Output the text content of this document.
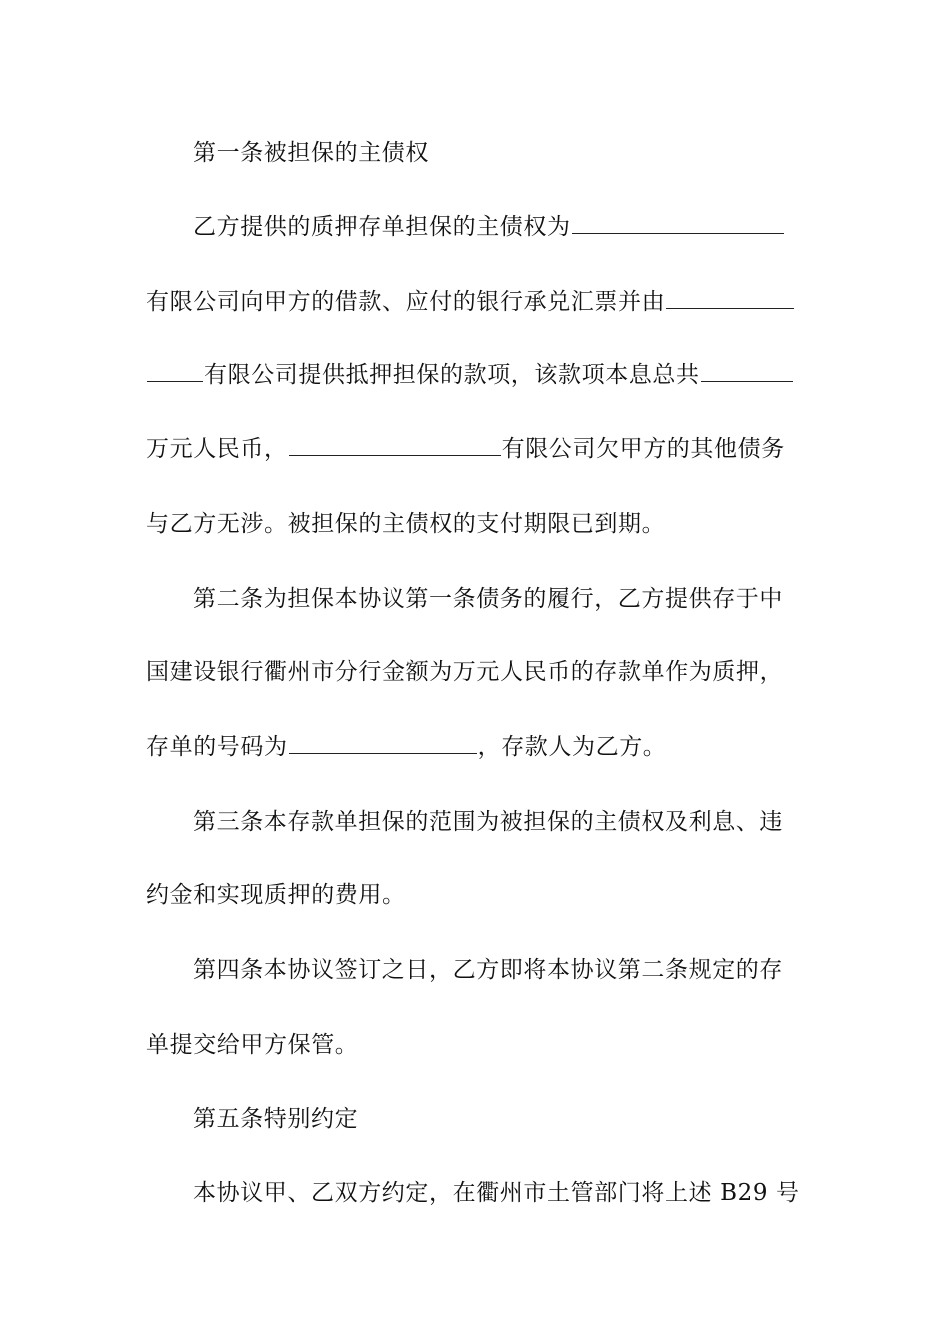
第一条被担保的主债权
乙方提供的质押存单担保的主债权为
有限公司向甲方的借款、应付的银行承兑汇票并由
有限公司提供抵押担保的款项，该款项本息总共
万元人民币，	有限公司欠甲方的其他债务
与乙方无涉。被担保的主债权的支付期限已到期。
第二条为担保本协议第一条债务的履行，乙方提供存于中
国建设银行衢州市分行金额为万元人民币的存款单作为质押，
存单的号码为	，存款人为乙方。
第三条本存款单担保的范围为被担保的主债权及利息、违
约金和实现质押的费用。
第四条本协议签订之日，乙方即将本协议第二条规定的存
单提交给甲方保管。
第五条特别约定
本协议甲、乙双方约定，在衢州市土管部门将上述 B29 号
